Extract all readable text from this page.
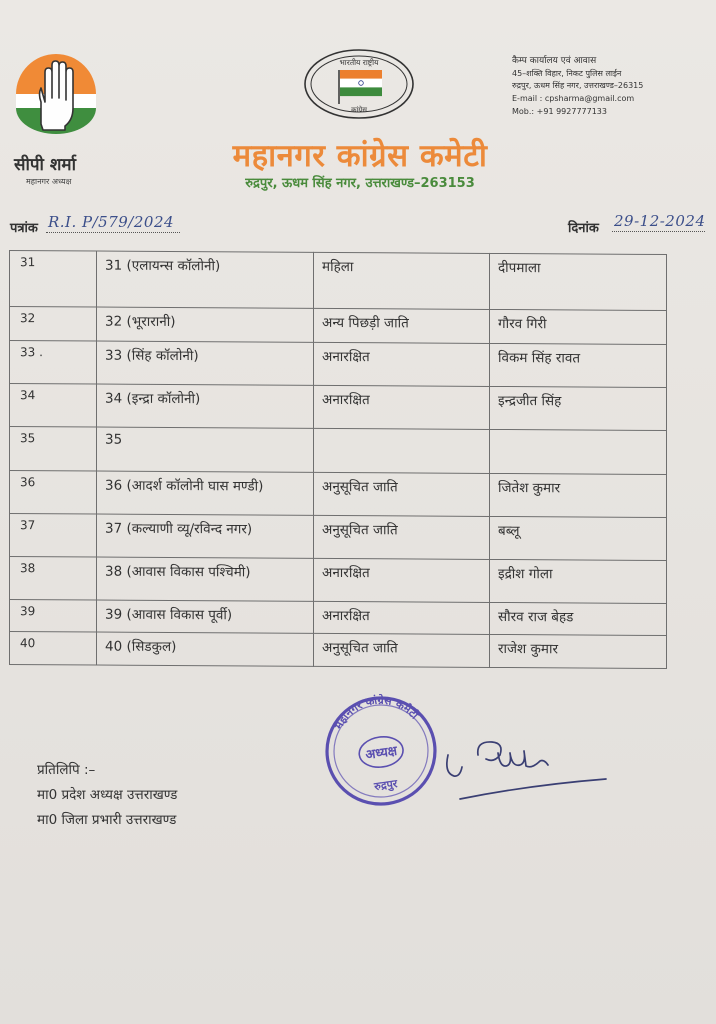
सीपी शर्मा
महानगर अध्यक्ष
भारतीय राष्ट्रीय
कांग्रेस
महानगर कांग्रेस कमेटी
रुद्रपुर, ऊधम सिंह नगर, उत्तराखण्ड–263153
कैम्प कार्यालय एवं आवास
45–शक्ति विहार, निकट पुलिस लाईन
रुद्रपुर, ऊधम सिंह नगर, उत्तराखण्ड–26315
E-mail : cpsharma@gmail.com
Mob.: +91 9927777133
पत्रांक R.I. P/579/2024	दिनांक 29-12-2024
31	31 (एलायन्स कॉलोनी)	महिला	दीपमाला
32	32 (भूरारानी)	अन्य पिछड़ी जाति	गौरव गिरी
33 .	33 (सिंह कॉलोनी)	अनारक्षित	विकम सिंह रावत
34	34 (इन्द्रा कॉलोनी)	अनारक्षित	इन्द्रजीत सिंह
35	35		
36	36 (आदर्श कॉलोनी घास मण्डी)	अनुसूचित जाति	जितेश कुमार
37	37 (कल्याणी व्यू/रविन्द नगर)	अनुसूचित जाति	बब्लू
38	38 (आवास विकास पश्चिमी)	अनारक्षित	इद्रीश गोला
39	39 (आवास विकास पूर्वी)	अनारक्षित	सौरव राज बेहड
40	40 (सिडकुल)	अनुसूचित जाति	राजेश कुमार
महानगर कांग्रेस कमेटी
अध्यक्ष
रुद्रपुर
प्रतिलिपि :–
मा0 प्रदेश अध्यक्ष उत्तराखण्ड
मा0 जिला प्रभारी उत्तराखण्ड
